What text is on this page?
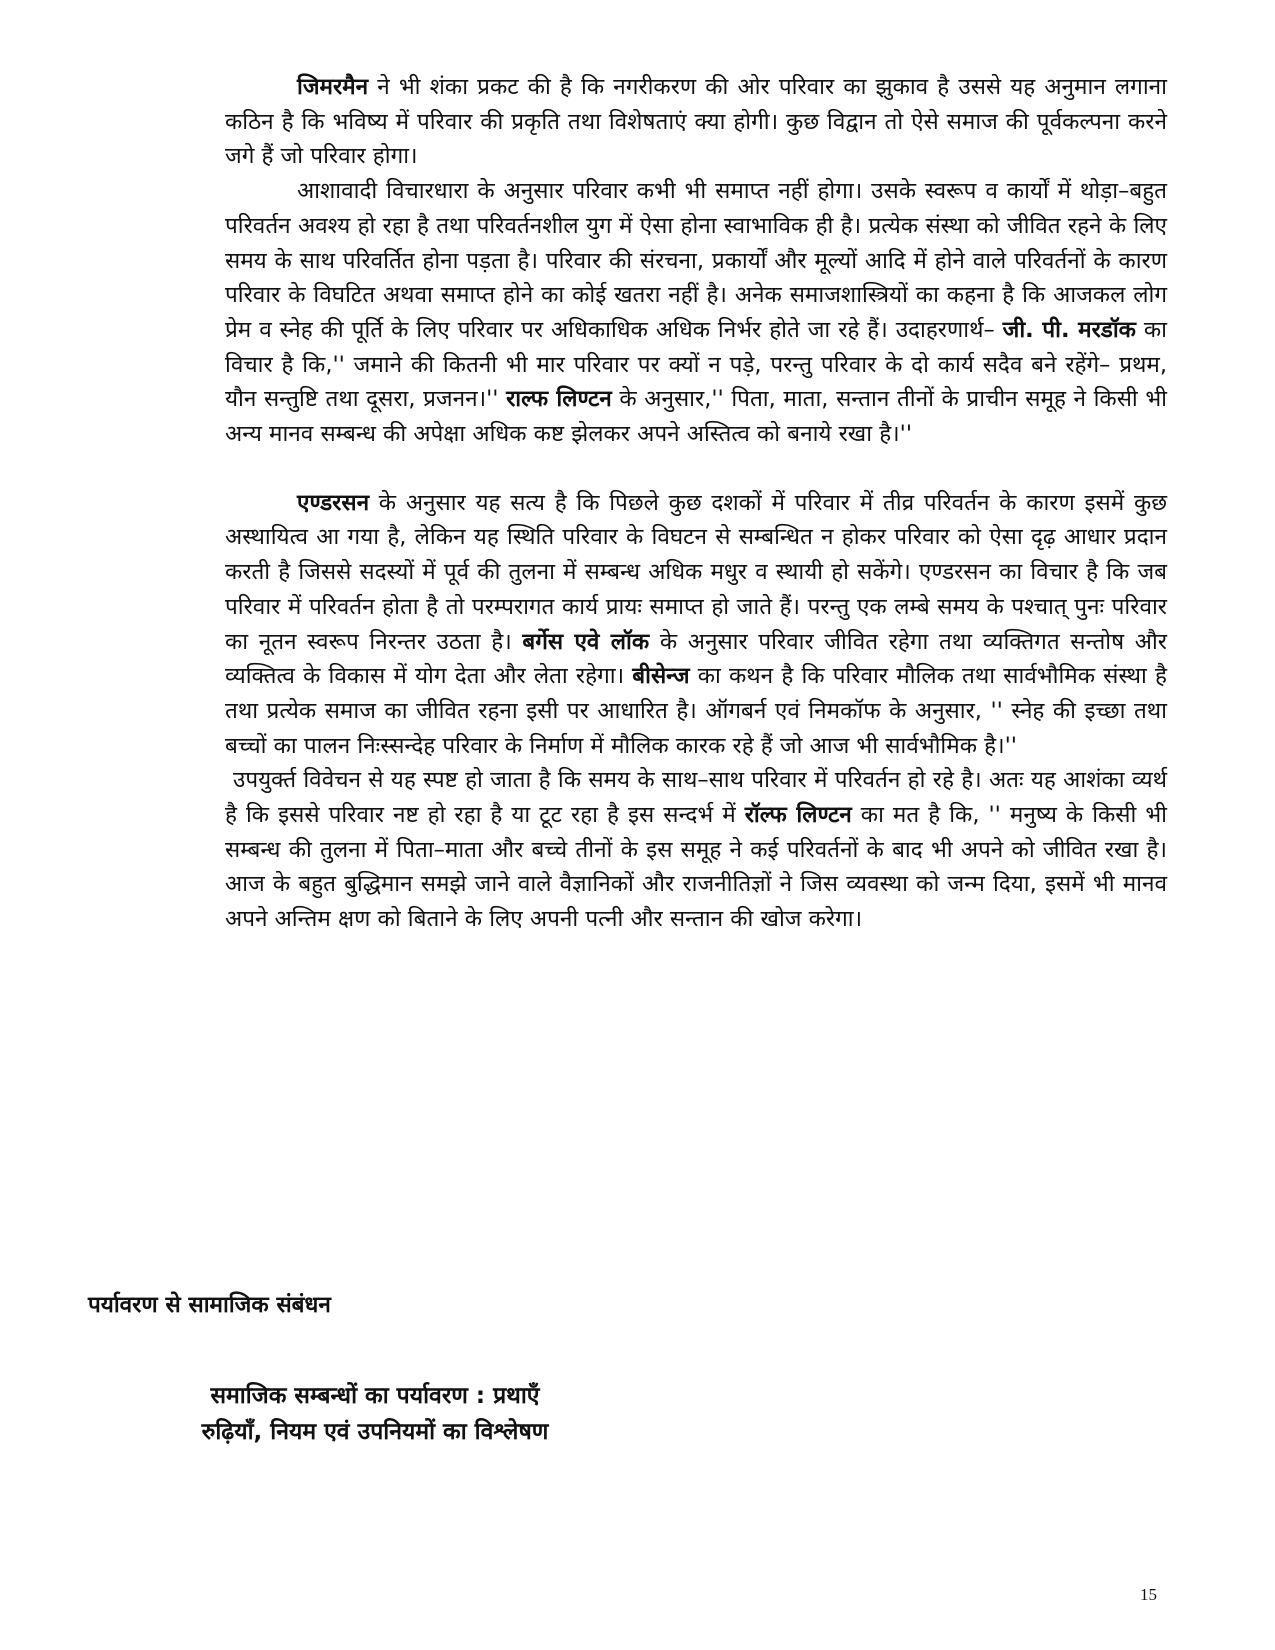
जिमरमैन ने भी शंका प्रकट की है कि नगरीकरण की ओर परिवार का झुकाव है उससे यह अनुमान लगाना कठिन है कि भविष्य में परिवार की प्रकृति तथा विशेषताएं क्या होगी। कुछ विद्वान तो ऐसे समाज की पूर्वकल्पना करने जगे हैं जो परिवार होगा।

आशावादी विचारधारा के अनुसार परिवार कभी भी समाप्त नहीं होगा। उसके स्वरूप व कार्यों में थोड़ा–बहुत परिवर्तन अवश्य हो रहा है तथा परिवर्तनशील युग में ऐसा होना स्वाभाविक ही है। प्रत्येक संस्था को जीवित रहने के लिए समय के साथ परिवर्तित होना पड़ता है। परिवार की संरचना, प्रकार्यों और मूल्यों आदि में होने वाले परिवर्तनों के कारण परिवार के विघटित अथवा समाप्त होने का कोई खतरा नहीं है। अनेक समाजशास्त्रियों का कहना है कि आजकल लोग प्रेम व स्नेह की पूर्ति के लिए परिवार पर अधिकाधिक अधिक निर्भर होते जा रहे हैं। उदाहरणार्थ– जी. पी. मरडॉक का विचार है कि,'' जमाने की कितनी भी मार परिवार पर क्यों न पड़े, परन्तु परिवार के दो कार्य सदैव बने रहेंगे– प्रथम, यौन सन्तुष्टि तथा दूसरा, प्रजनन।'' राल्फ लिण्टन के अनुसार,'' पिता, माता, सन्तान तीनों के प्राचीन समूह ने किसी भी अन्य मानव सम्बन्ध की अपेक्षा अधिक कष्ट झेलकर अपने अस्तित्व को बनाये रखा है।''

एण्डरसन के अनुसार यह सत्य है कि पिछले कुछ दशकों में परिवार में तीव्र परिवर्तन के कारण इसमें कुछ अस्थायित्व आ गया है, लेकिन यह स्थिति परिवार के विघटन से सम्बन्धित न होकर परिवार को ऐसा दृढ़ आधार प्रदान करती है जिससे सदस्यों में पूर्व की तुलना में सम्बन्ध अधिक मधुर व स्थायी हो सकेंगे। एण्डरसन का विचार है कि जब परिवार में परिवर्तन होता है तो परम्परागत कार्य प्रायः समाप्त हो जाते हैं। परन्तु एक लम्बे समय के पश्चात् पुनः परिवार का नूतन स्वरूप निरन्तर उठता है। बर्गेस एवे लॉक के अनुसार परिवार जीवित रहेगा तथा व्यक्तिगत सन्तोष और व्यक्तित्व के विकास में योग देता और लेता रहेगा। बीसेन्ज का कथन है कि परिवार मौलिक तथा सार्वभौमिक संस्था है तथा प्रत्येक समाज का जीवित रहना इसी पर आधारित है। ऑगबर्न एवं निमकॉफ के अनुसार, '' स्नेह की इच्छा तथा बच्चों का पालन निःस्सन्देह परिवार के निर्माण में मौलिक कारक रहे हैं जो आज भी सार्वभौमिक है।''

उपयुर्क्त विवेचन से यह स्पष्ट हो जाता है कि समय के साथ–साथ परिवार में परिवर्तन हो रहे है। अतः यह आशंका व्यर्थ है कि इससे परिवार नष्ट हो रहा है या टूट रहा है इस सन्दर्भ में रॉल्फ लिण्टन का मत है कि, '' मनुष्य के किसी भी सम्बन्ध की तुलना में पिता–माता और बच्चे तीनों के इस समूह ने कई परिवर्तनों के बाद भी अपने को जीवित रखा है। आज के बहुत बुद्धिमान समझे जाने वाले वैज्ञानिकों और राजनीतिज्ञों ने जिस व्यवस्था को जन्म दिया, इसमें भी मानव अपने अन्तिम क्षण को बिताने के लिए अपनी पत्नी और सन्तान की खोज करेगा।

पर्यावरण से सामाजिक संबंधन
समाजिक सम्बन्धों का पर्यावरण : प्रथाऍं
रुढ़ियाँ, नियम एवं उपनियमों का विश्लेषण
15
